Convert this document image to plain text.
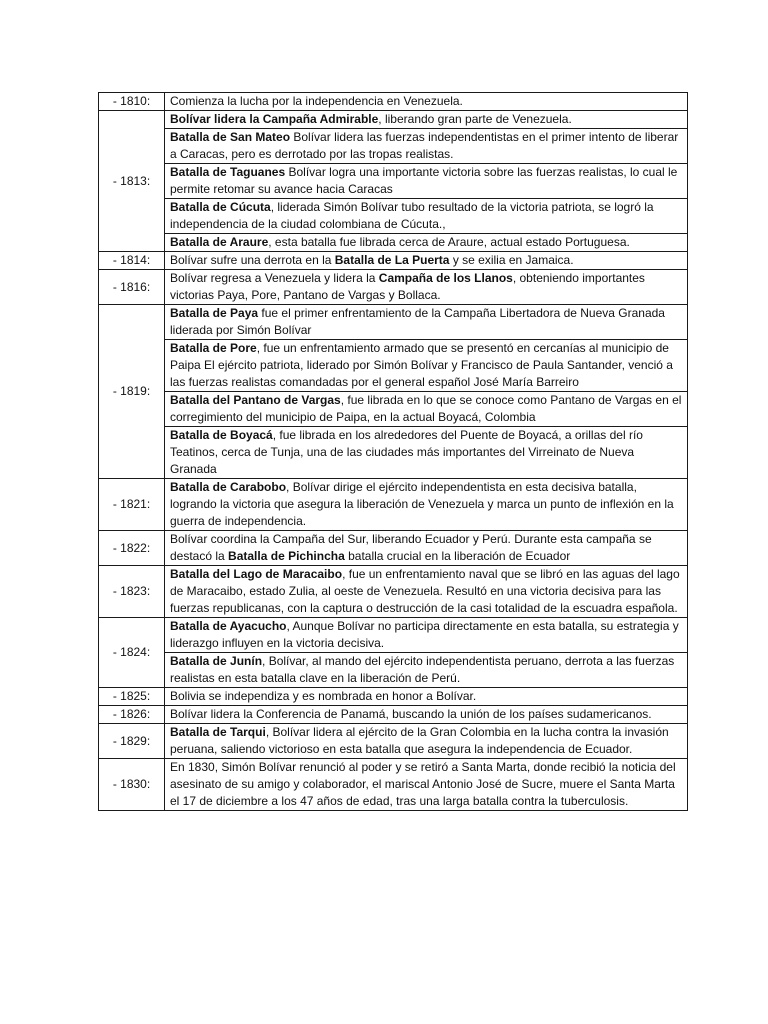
- 1810:	Comienza la lucha por la independencia en Venezuela.
- 1813:	Bolívar lidera la Campaña Admirable, liberando gran parte de Venezuela.
	Batalla de San Mateo Bolívar lidera las fuerzas independentistas en el primer intento de liberar a Caracas, pero es derrotado por las tropas realistas.
	Batalla de Taguanes Bolívar logra una importante victoria sobre las fuerzas realistas, lo cual le permite retomar su avance hacia Caracas
	Batalla de Cúcuta, liderada Simón Bolívar tubo resultado de la victoria patriota, se logró la independencia de la ciudad colombiana de Cúcuta.,
	Batalla de Araure, esta batalla fue librada cerca de Araure, actual estado Portuguesa.
- 1814:	Bolívar sufre una derrota en la Batalla de La Puerta y se exilia en Jamaica.
- 1816:	Bolívar regresa a Venezuela y lidera la Campaña de los Llanos, obteniendo importantes victorias Paya, Pore, Pantano de Vargas y Bollaca.
- 1819:	Batalla de Paya fue el primer enfrentamiento de la Campaña Libertadora de Nueva Granada liderada por Simón Bolívar
	Batalla de Pore, fue un enfrentamiento armado que se presentó en cercanías al municipio de Paipa El ejército patriota, liderado por Simón Bolívar y Francisco de Paula Santander, venció a las fuerzas realistas comandadas por el general español José María Barreiro
	Batalla del Pantano de Vargas, fue librada en lo que se conoce como Pantano de Vargas en el corregimiento del municipio de Paipa, en la actual Boyacá, Colombia
	Batalla de Boyacá, fue librada en los alrededores del Puente de Boyacá, a orillas del río Teatinos, cerca de Tunja, una de las ciudades más importantes del Virreinato de Nueva Granada
- 1821:	Batalla de Carabobo, Bolívar dirige el ejército independentista en esta decisiva batalla, logrando la victoria que asegura la liberación de Venezuela y marca un punto de inflexión en la guerra de independencia.
- 1822:	Bolívar coordina la Campaña del Sur, liberando Ecuador y Perú. Durante esta campaña se destacó la Batalla de Pichincha batalla crucial en la liberación de Ecuador
- 1823:	Batalla del Lago de Maracaibo, fue un enfrentamiento naval que se libró en las aguas del lago de Maracaibo, estado Zulia, al oeste de Venezuela. Resultó en una victoria decisiva para las fuerzas republicanas, con la captura o destrucción de la casi totalidad de la escuadra española.
- 1824:	Batalla de Ayacucho, Aunque Bolívar no participa directamente en esta batalla, su estrategia y liderazgo influyen en la victoria decisiva.
	Batalla de Junín, Bolívar, al mando del ejército independentista peruano, derrota a las fuerzas realistas en esta batalla clave en la liberación de Perú.
- 1825:	Bolivia se independiza y es nombrada en honor a Bolívar.
- 1826:	Bolívar lidera la Conferencia de Panamá, buscando la unión de los países sudamericanos.
- 1829:	Batalla de Tarqui, Bolívar lidera al ejército de la Gran Colombia en la lucha contra la invasión peruana, saliendo victorioso en esta batalla que asegura la independencia de Ecuador.
- 1830:	En 1830, Simón Bolívar renunció al poder y se retiró a Santa Marta, donde recibió la noticia del asesinato de su amigo y colaborador, el mariscal Antonio José de Sucre, muere el Santa Marta el 17 de diciembre a los 47 años de edad, tras una larga batalla contra la tuberculosis.
